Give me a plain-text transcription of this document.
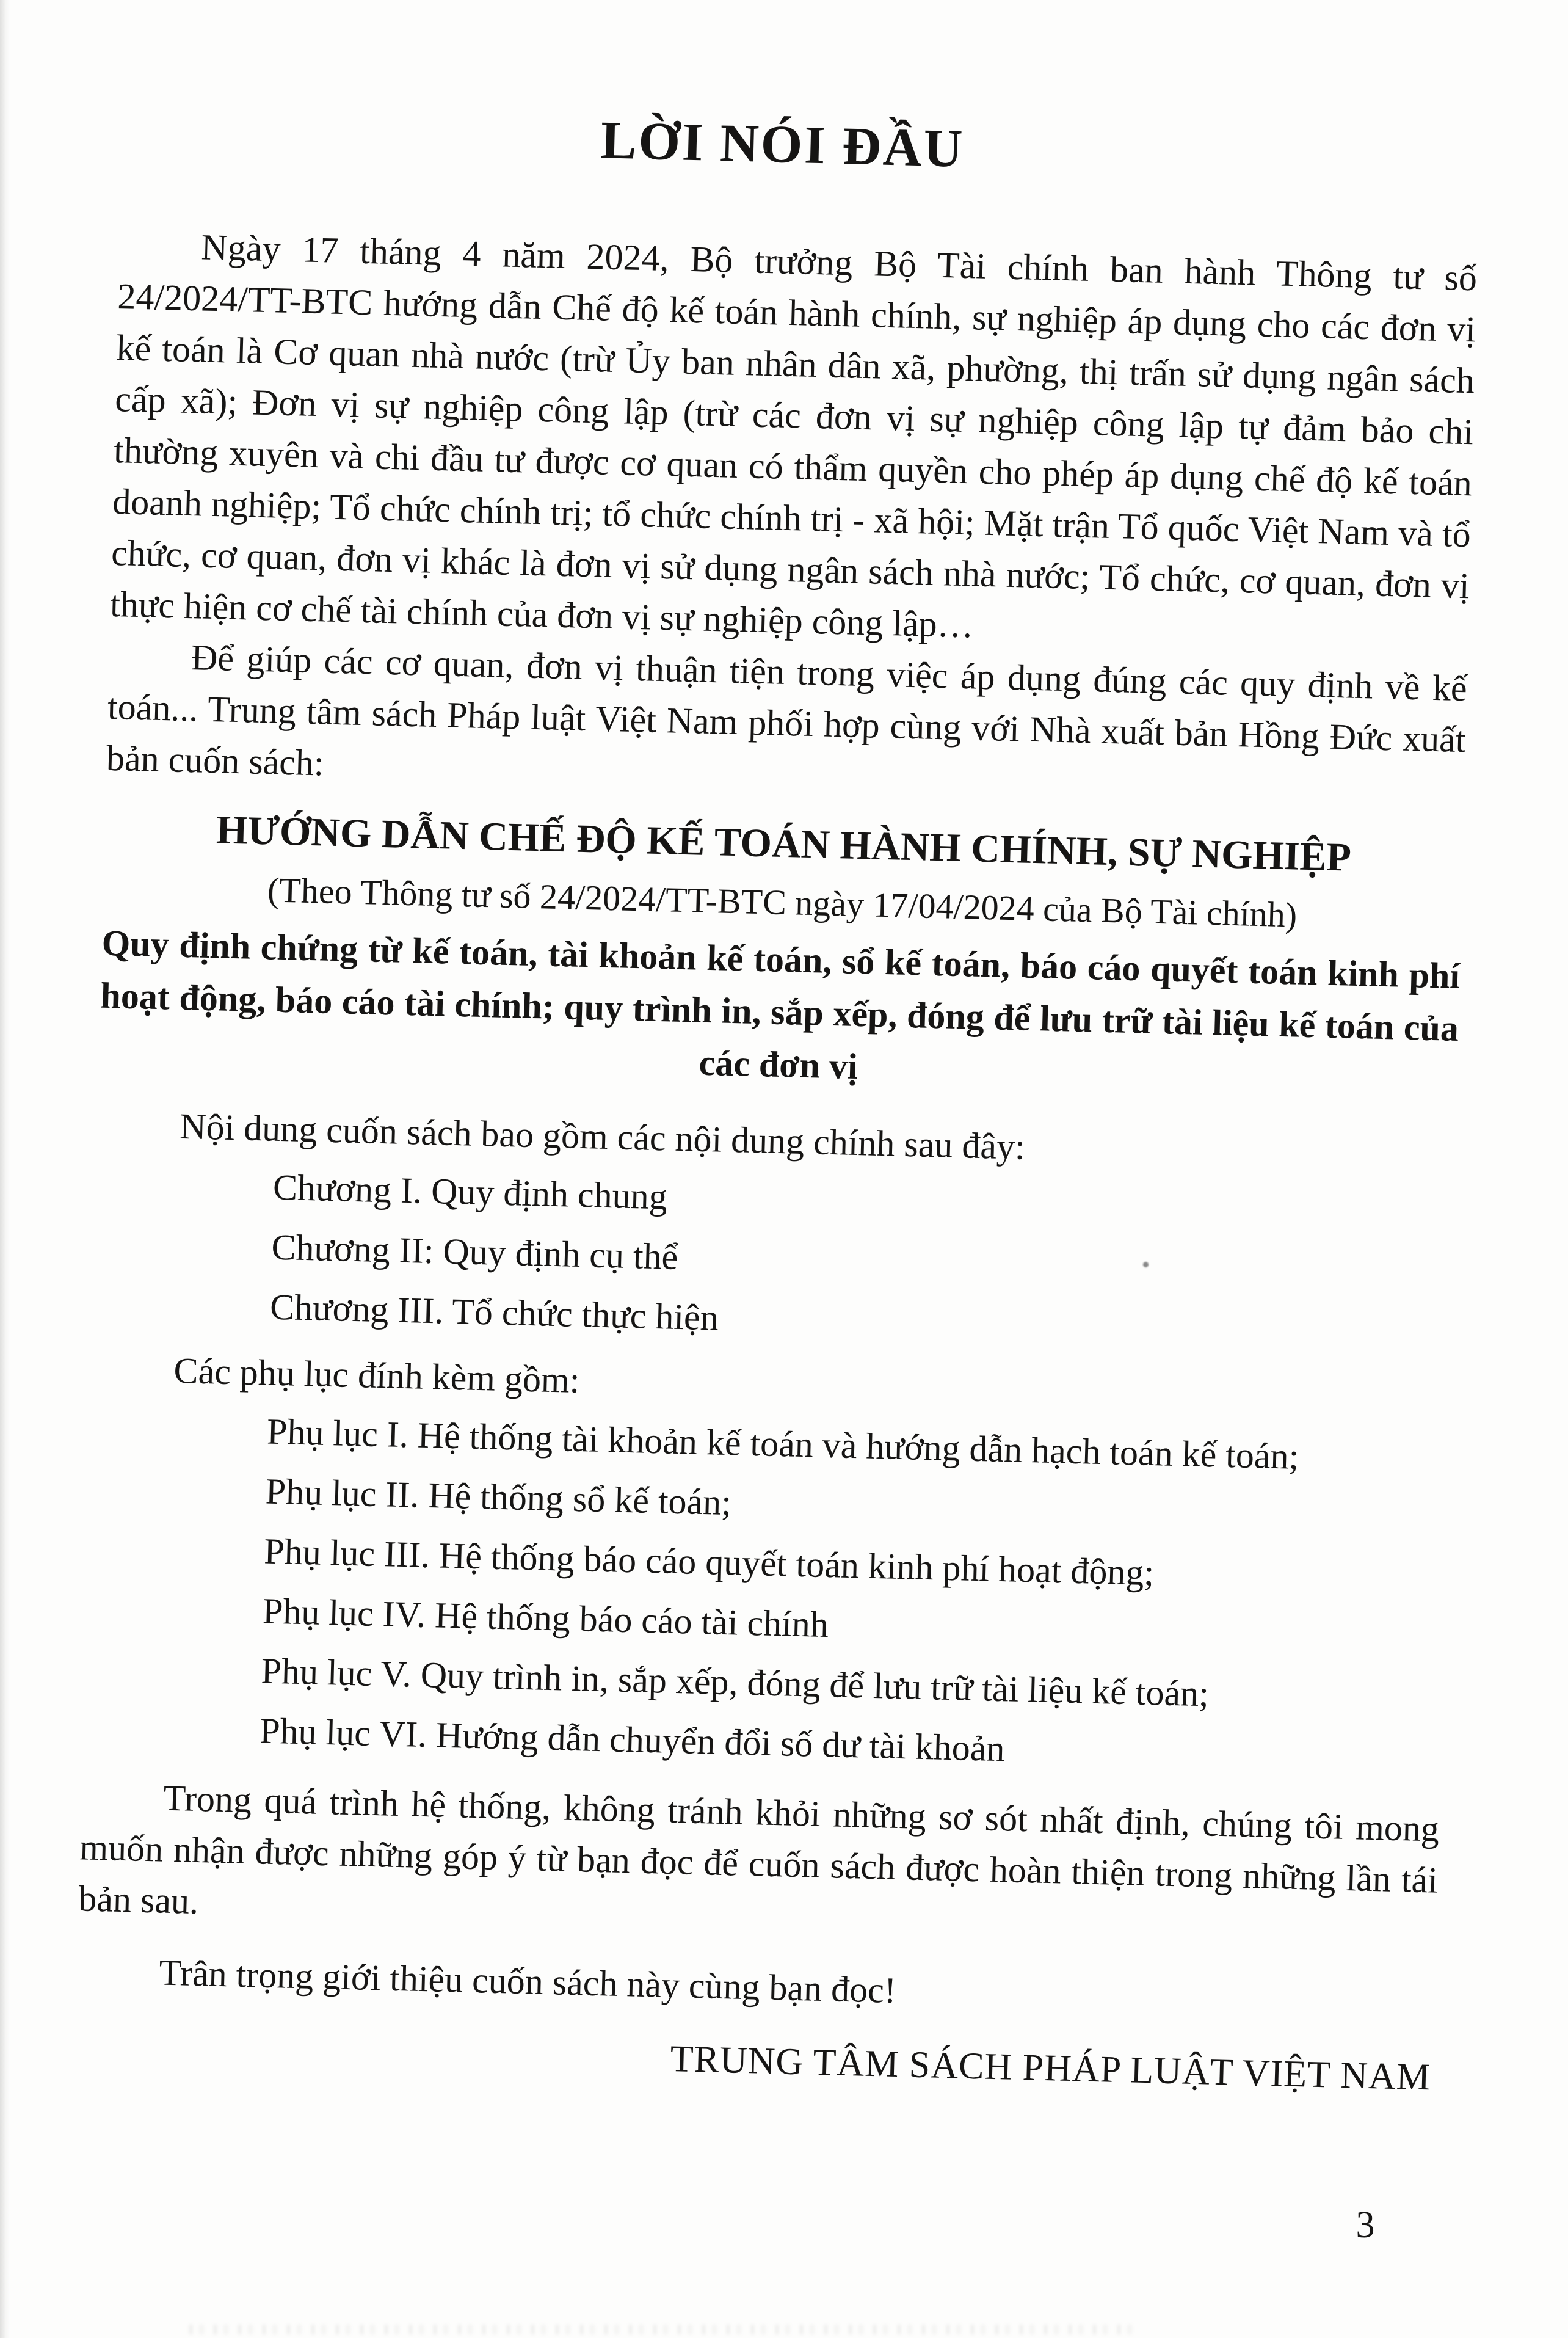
LỜI NÓI ĐẦU

Ngày 17 tháng 4 năm 2024, Bộ trưởng Bộ Tài chính ban hành Thông tư số 24/2024/TT-BTC hướng dẫn Chế độ kế toán hành chính, sự nghiệp áp dụng cho các đơn vị kế toán là Cơ quan nhà nước (trừ Ủy ban nhân dân xã, phường, thị trấn sử dụng ngân sách cấp xã); Đơn vị sự nghiệp công lập (trừ các đơn vị sự nghiệp công lập tự đảm bảo chi thường xuyên và chi đầu tư được cơ quan có thẩm quyền cho phép áp dụng chế độ kế toán doanh nghiệp; Tổ chức chính trị; tổ chức chính trị - xã hội; Mặt trận Tổ quốc Việt Nam và tổ chức, cơ quan, đơn vị khác là đơn vị sử dụng ngân sách nhà nước; Tổ chức, cơ quan, đơn vị thực hiện cơ chế tài chính của đơn vị sự nghiệp công lập…

Để giúp các cơ quan, đơn vị thuận tiện trong việc áp dụng đúng các quy định về kế toán... Trung tâm sách Pháp luật Việt Nam phối hợp cùng với Nhà xuất bản Hồng Đức xuất bản cuốn sách:

HƯỚNG DẪN CHẾ ĐỘ KẾ TOÁN HÀNH CHÍNH, SỰ NGHIỆP
(Theo Thông tư số 24/2024/TT-BTC ngày 17/04/2024 của Bộ Tài chính)
Quy định chứng từ kế toán, tài khoản kế toán, sổ kế toán, báo cáo quyết toán kinh phí hoạt động, báo cáo tài chính; quy trình in, sắp xếp, đóng để lưu trữ tài liệu kế toán của các đơn vị

Nội dung cuốn sách bao gồm các nội dung chính sau đây:

Chương I. Quy định chung
Chương II: Quy định cụ thể
Chương III. Tổ chức thực hiện

Các phụ lục đính kèm gồm:

Phụ lục I. Hệ thống tài khoản kế toán và hướng dẫn hạch toán kế toán;
Phụ lục II. Hệ thống sổ kế toán;
Phụ lục III. Hệ thống báo cáo quyết toán kinh phí hoạt động;
Phụ lục IV. Hệ thống báo cáo tài chính
Phụ lục V. Quy trình in, sắp xếp, đóng để lưu trữ tài liệu kế toán;
Phụ lục VI. Hướng dẫn chuyển đổi số dư tài khoản

Trong quá trình hệ thống, không tránh khỏi những sơ sót nhất định, chúng tôi mong muốn nhận được những góp ý từ bạn đọc để cuốn sách được hoàn thiện trong những lần tái bản sau.

Trân trọng giới thiệu cuốn sách này cùng bạn đọc!

TRUNG TÂM SÁCH PHÁP LUẬT VIỆT NAM
3
